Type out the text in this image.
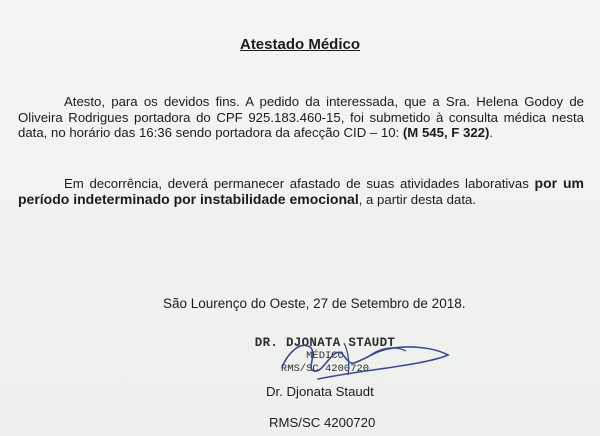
Atestado Médico
Atesto, para os devidos fins. A pedido da interessada, que a Sra. Helena Godoy de Oliveira Rodrigues portadora do CPF 925.183.460-15, foi submetido à consulta médica nesta data, no horário das 16:36 sendo portadora da afecção CID – 10: (M 545, F 322).
Em decorrência, deverá permanecer afastado de suas atividades laborativas por um período indeterminado por instabilidade emocional, a partir desta data.
São Lourenço do Oeste, 27 de Setembro de 2018.
DR. DJONATA STAUDT
MÉDICO
RMS/SC 4200720
Dr. Djonata Staudt
RMS/SC 4200720
